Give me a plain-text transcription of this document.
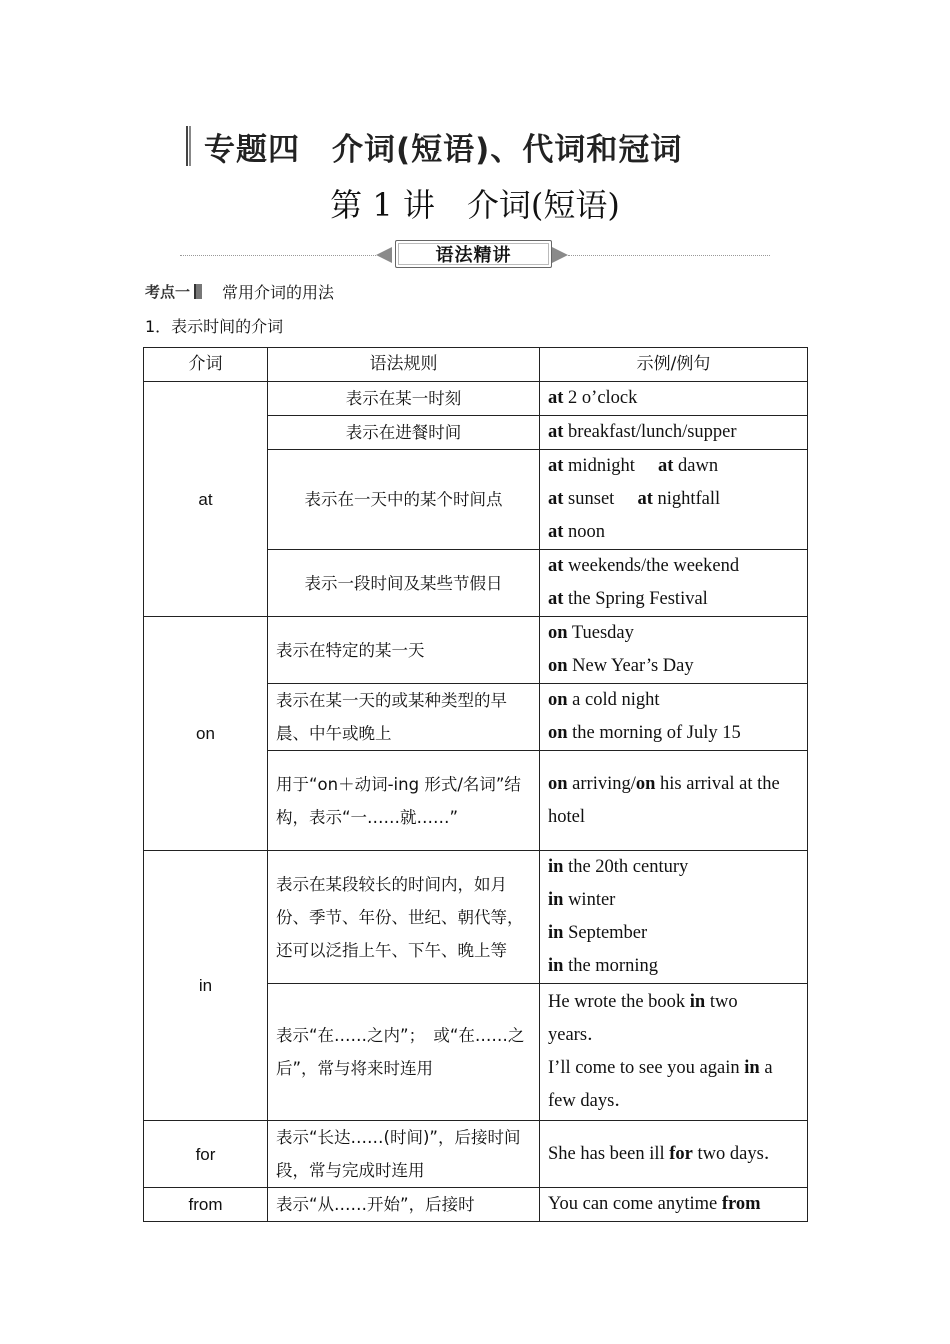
专题四　介词(短语)、代词和冠词
第 1 讲　介词(短语)
语法精讲
考点一 常用介词的用法
1．表示时间的介词
介词	语法规则	示例/例句
at	表示在某一时刻	at 2 o’clock

	表示在进餐时间	at breakfast/lunch/supper

	表示在一天中的某个时间点	at midnight　 at dawn
at sunset　 at nightfall
at noon

	表示一段时间及某些节假日	at weekends/the weekend
at the Spring Festival

on	表示在特定的某一天	on Tuesday
on New Year’s Day

	表示在某一天的或某种类型的早晨、中午或晚上	on a cold night
on the morning of July 15

	用于“on＋动词-ing 形式/名词”结构，表示“一……就……”	on arriving/on his arrival at the hotel

in	表示在某段较长的时间内，如月份、季节、年份、世纪、朝代等，还可以泛指上午、下午、晚上等	in the 20th century
in winter
in September
in the morning

	表示“在……之内”；　或“在……之后”，常与将来时连用	He wrote the book in two years．
I’ll come to see you again in a few days．

for	表示“长达……(时间)”，后接时间段，常与完成时连用	She has been ill for two days．

from	表示“从……开始”，后接时	You can come anytime from
